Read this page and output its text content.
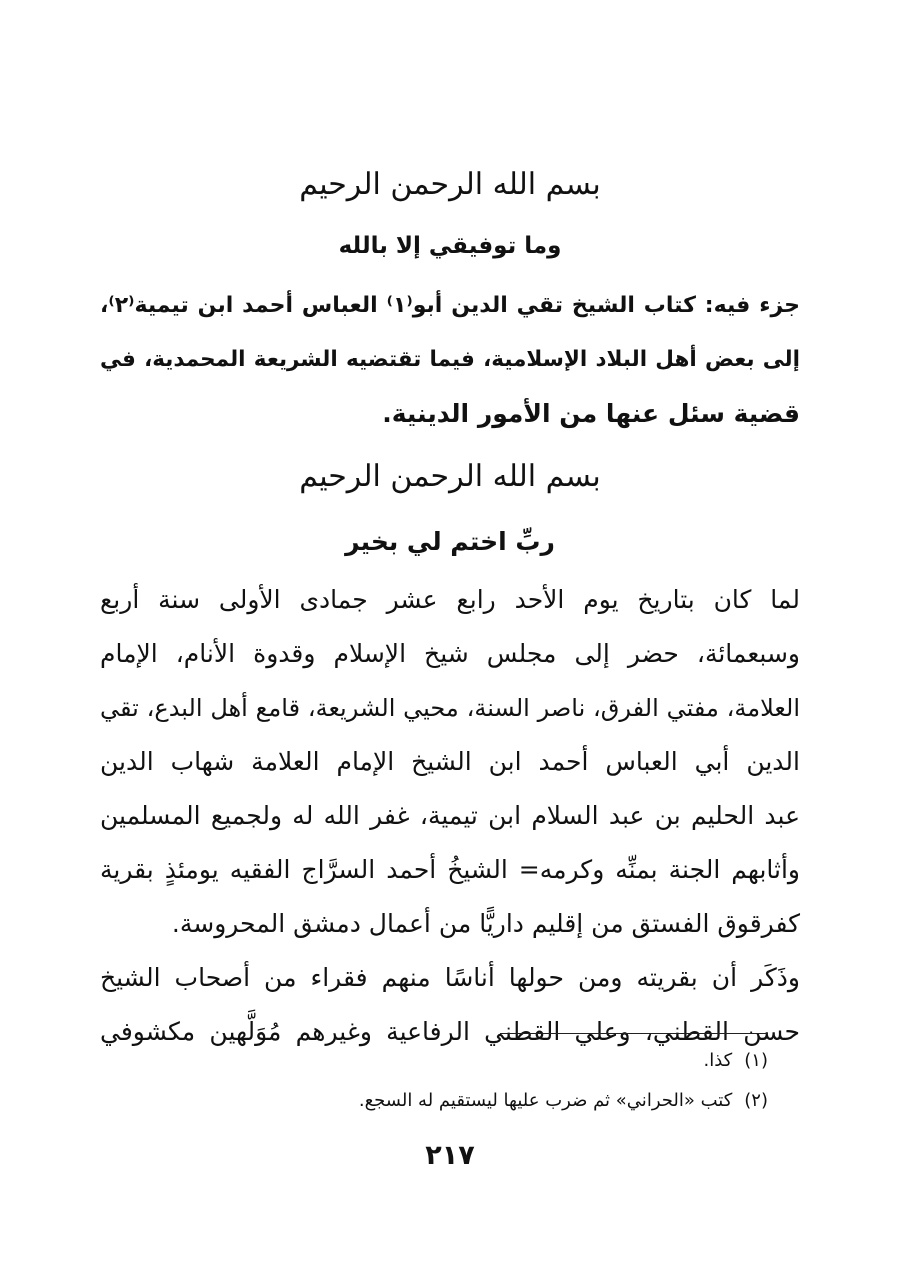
بسم الله الرحمن الرحيم
وما توفيقي إلا بالله
جزء فيه: كتاب الشيخ تقي الدين أبو⁽١⁾ العباس أحمد ابن تيمية⁽٢⁾،
إلى بعض أهل البلاد الإسلامية، فيما تقتضيه الشريعة المحمدية، في
قضية سئل عنها من الأمور الدينية.
بسم الله الرحمن الرحيم
ربِّ اختم لي بخير
لما كان بتاريخ يوم الأحد رابع عشر جمادى الأولى سنة أربع
وسبعمائة، حضر إلى مجلس شيخ الإسلام وقدوة الأنام، الإمام
العلامة، مفتي الفرق، ناصر السنة، محيي الشريعة، قامع أهل البدع، تقي
الدين أبي العباس أحمد ابن الشيخ الإمام العلامة شهاب الدين
عبد الحليم بن عبد السلام ابن تيمية، غفر الله له ولجميع المسلمين
وأثابهم الجنة بمنِّه وكرمه= الشيخُ أحمد السرَّاج الفقيه يومئذٍ بقرية
كفرقوق الفستق من إقليم داريًّا من أعمال دمشق المحروسة.
وذَكَر أن بقريته ومن حولها أناسًا منهم فقراء من أصحاب الشيخ
حسن القطني، وعلي القطني الرفاعية وغيرهم مُوَلَّهين مكشوفي
(١)كذا.
(٢)كتب «الحراني» ثم ضرب عليها ليستقيم له السجع.
٢١٧
